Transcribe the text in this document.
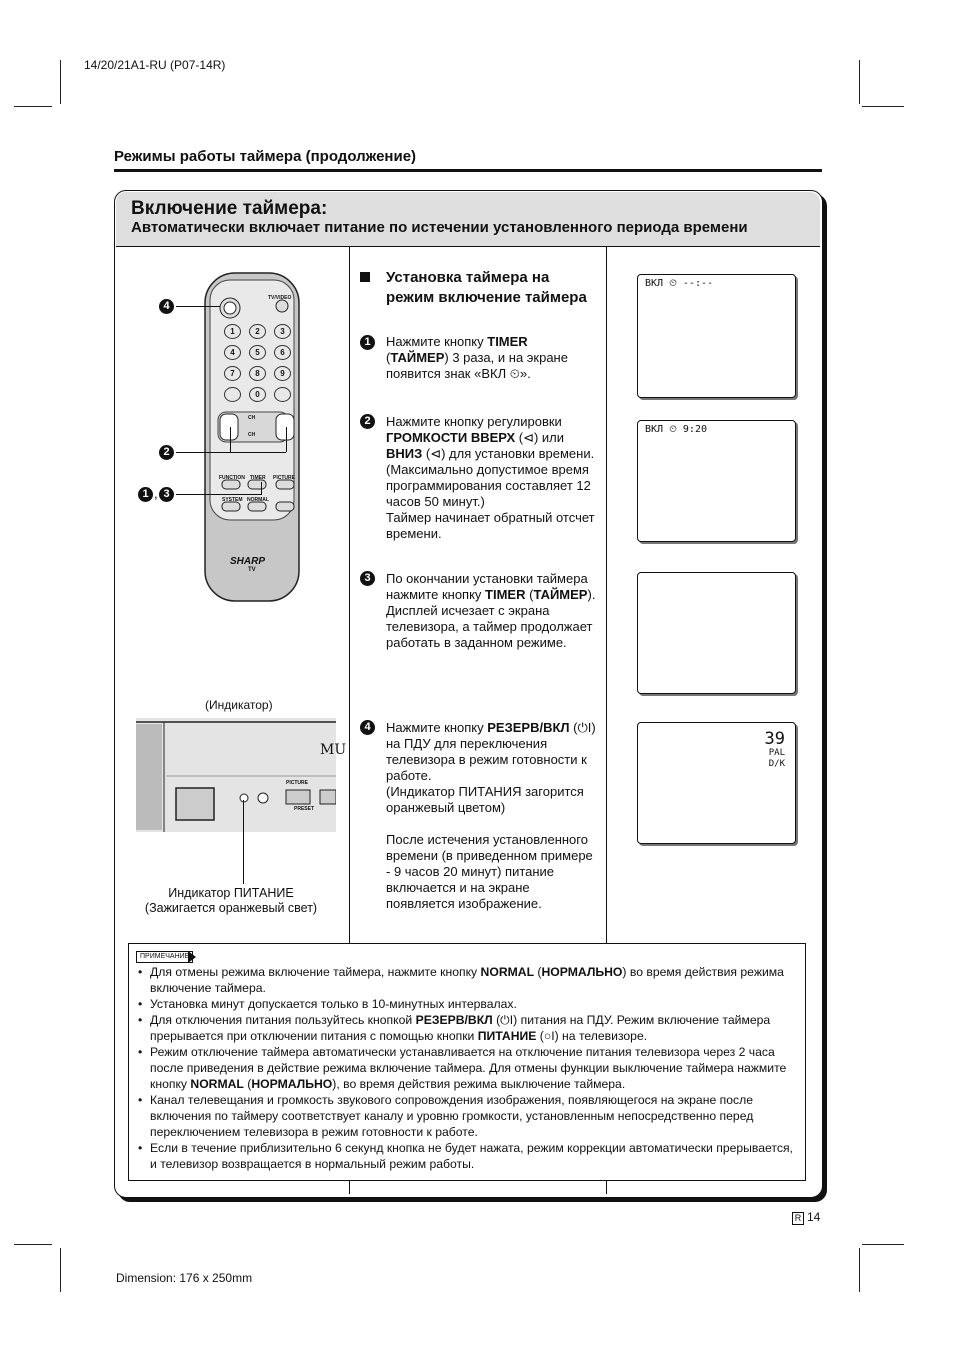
14/20/21A1-RU (P07-14R)
Режимы работы таймера (продолжение)
Включение таймера:
Автоматически включает питание по истечении установленного периода времени
TV/VIDEO
1	2	3
4	5	6
7	8	9
0
CH
CH
FUNCTION TIMER PICTURE
SYSTEM NORMAL
SHARP
TV
4
2
1 , 3
(Индикатор)
MU
PICTURE
PRESET
Индикатор ПИТАНИЕ
(Зажигается оранжевый свет)
Установка таймера на режим включение таймера
1	Нажмите кнопку TIMER
(ТАЙМЕР) 3 раза, и на экране появится знак «ВКЛ ⏲».
2	Нажмите кнопку регулировки ГРОМКОСТИ ВВЕРХ (⊲) или ВНИЗ (⊲) для установки времени.
(Максимально допустимое время программирования составляет 12 часов 50 минут.)
Таймер начинает обратный отсчет времени.
3	По окончании установки таймера нажмите кнопку TIMER (ТАЙМЕР). Дисплей исчезает с экрана телевизора, а таймер продолжает работать в заданном режиме.
4	Нажмите кнопку РЕЗЕРВ/ВКЛ (⏻I) на ПДУ для переключения телевизора в режим готовности к работе.
(Индикатор ПИТАНИЯ загорится оранжевый цветом)

После истечения установленного времени (в приведенном примере - 9 часов 20 минут) питание включается и на экране появляется изображение.
ВКЛ ⏲ --:--
ВКЛ ⏲ 9:20
39
PAL
D/K
ПРИМЕЧАНИЕ
• Для отмены режима включение таймера, нажмите кнопку NORMAL (НОРМАЛЬНО) во время действия режима включение таймера.
• Установка минут допускается только в 10-минутных интервалах.
• Для отключения питания пользуйтесь кнопкой РЕЗЕРВ/ВКЛ (⏻I) питания на ПДУ. Режим включение таймера прерывается при отключении питания с помощью кнопки ПИТАНИЕ (○I) на телевизоре.
• Режим отключение таймера автоматически устанавливается на отключение питания телевизора через 2 часа после приведения в действие режима включение таймера. Для отмены функции выключение таймера нажмите кнопку NORMAL (НОРМАЛЬНО), во время действия режима выключение таймера.
• Канал телевещания и громкость звукового сопровождения изображения, появляющегося на экране после включения по таймеру соответствует каналу и уровню громкости, установленным непосредственно перед переключением телевизора в режим готовности к работе.
• Если в течение приблизительно 6 секунд кнопка не будет нажата, режим коррекции автоматически прерывается, и телевизор возвращается в нормальный режим работы.
R 14
Dimension: 176 x 250mm
